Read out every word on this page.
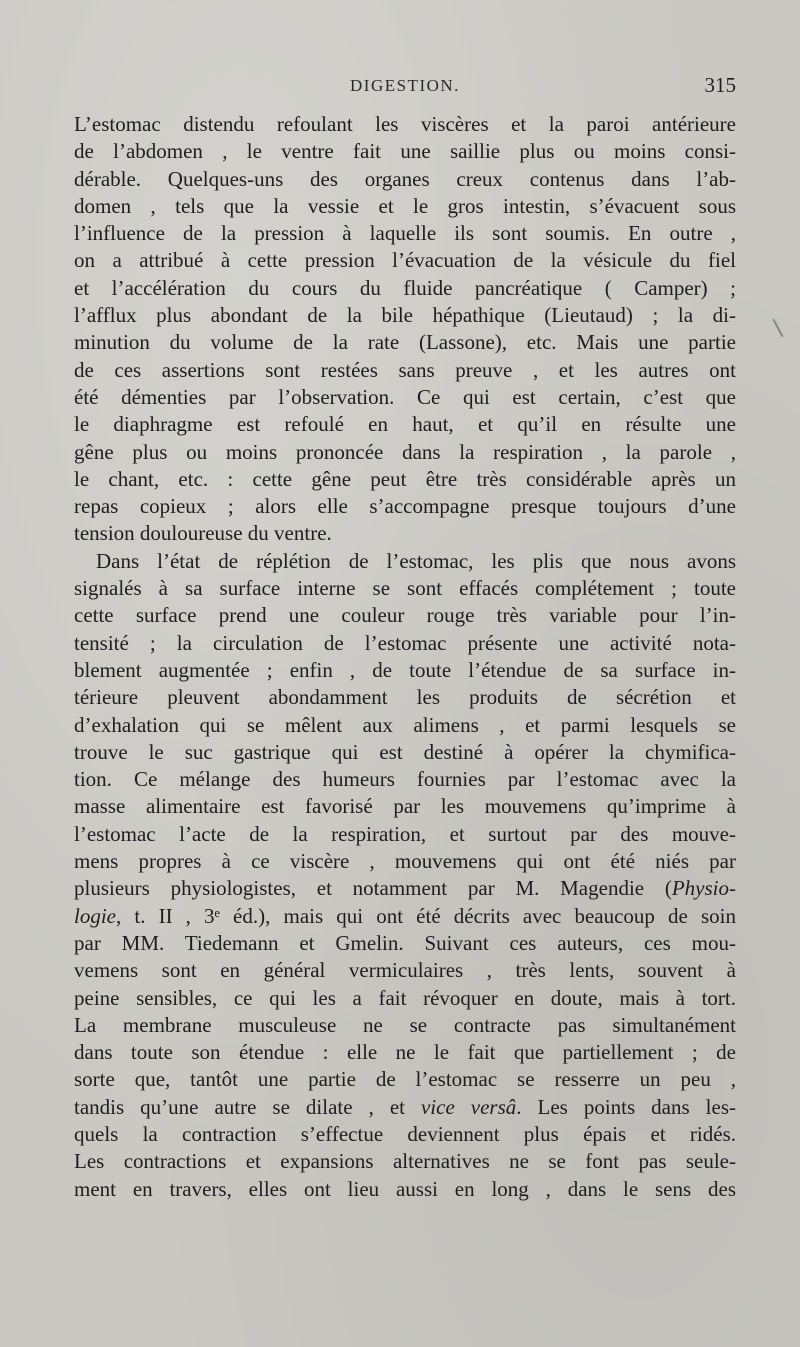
DIGESTION.	315
L’estomac distendu refoulant les viscères et la paroi antérieure
de l’abdomen , le ventre fait une saillie plus ou moins consi-
dérable. Quelques-uns des organes creux contenus dans l’ab-
domen , tels que la vessie et le gros intestin, s’évacuent sous
l’influence de la pression à laquelle ils sont soumis. En outre ,
on a attribué à cette pression l’évacuation de la vésicule du fiel
et l’accélération du cours du fluide pancréatique ( Camper) ;
l’afflux plus abondant de la bile hépathique (Lieutaud) ; la di-
minution du volume de la rate (Lassone), etc. Mais une partie
de ces assertions sont restées sans preuve , et les autres ont
été démenties par l’observation. Ce qui est certain, c’est que
le diaphragme est refoulé en haut, et qu’il en résulte une
gêne plus ou moins prononcée dans la respiration , la parole ,
le chant, etc. : cette gêne peut être très considérable après un
repas copieux ; alors elle s’accompagne presque toujours d’une
tension douloureuse du ventre.
Dans l’état de réplétion de l’estomac, les plis que nous avons
signalés à sa surface interne se sont effacés complétement ; toute
cette surface prend une couleur rouge très variable pour l’in-
tensité ; la circulation de l’estomac présente une activité nota-
blement augmentée ; enfin , de toute l’étendue de sa surface in-
térieure pleuvent abondamment les produits de sécrétion et
d’exhalation qui se mêlent aux alimens , et parmi lesquels se
trouve le suc gastrique qui est destiné à opérer la chymifica-
tion. Ce mélange des humeurs fournies par l’estomac avec la
masse alimentaire est favorisé par les mouvemens qu’imprime à
l’estomac l’acte de la respiration, et surtout par des mouve-
mens propres à ce viscère , mouvemens qui ont été niés par
plusieurs physiologistes, et notamment par M. Magendie (Physio-
logie, t. II , 3ᵉ éd.), mais qui ont été décrits avec beaucoup de soin
par MM. Tiedemann et Gmelin. Suivant ces auteurs, ces mou-
vemens sont en général vermiculaires , très lents, souvent à
peine sensibles, ce qui les a fait révoquer en doute, mais à tort.
La membrane musculeuse ne se contracte pas simultanément
dans toute son étendue : elle ne le fait que partiellement ; de
sorte que, tantôt une partie de l’estomac se resserre un peu ,
tandis qu’une autre se dilate , et vice versâ. Les points dans les-
quels la contraction s’effectue deviennent plus épais et ridés.
Les contractions et expansions alternatives ne se font pas seule-
ment en travers, elles ont lieu aussi en long , dans le sens des
